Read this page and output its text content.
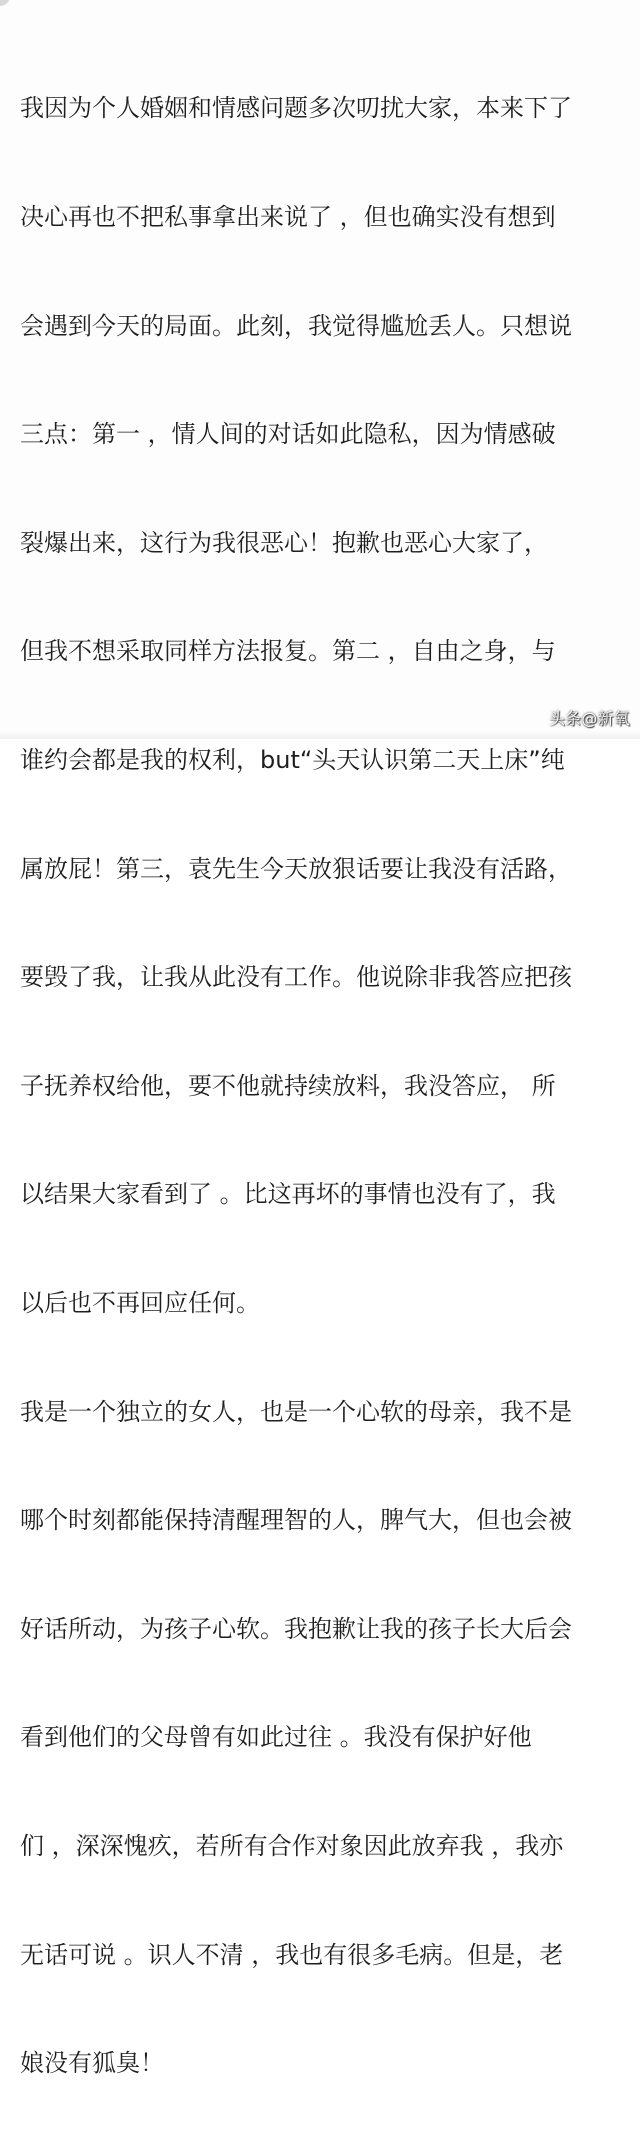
我因为个人婚姻和情感问题多次叨扰大家，本来下了

决心再也不把私事拿出来说了 ，但也确实没有想到

会遇到今天的局面。此刻，我觉得尴尬丢人。只想说

三点：第一 ，情人间的对话如此隐私，因为情感破

裂爆出来，这行为我很恶心！抱歉也恶心大家了，

但我不想采取同样方法报复。第二 ，自由之身，与

谁约会都是我的权利，but“头天认识第二天上床”纯

属放屁！第三，袁先生今天放狠话要让我没有活路，

要毁了我，让我从此没有工作。他说除非我答应把孩

子抚养权给他，要不他就持续放料，我没答应， 所

以结果大家看到了 。比这再坏的事情也没有了，我

以后也不再回应任何。

我是一个独立的女人，也是一个心软的母亲，我不是

哪个时刻都能保持清醒理智的人，脾气大，但也会被

好话所动，为孩子心软。我抱歉让我的孩子长大后会

看到他们的父母曾有如此过往 。我没有保护好他

们 ，深深愧疚，若所有合作对象因此放弃我 ，我亦

无话可说 。识人不清 ，我也有很多毛病。但是，老

娘没有狐臭！

头条@新氧
